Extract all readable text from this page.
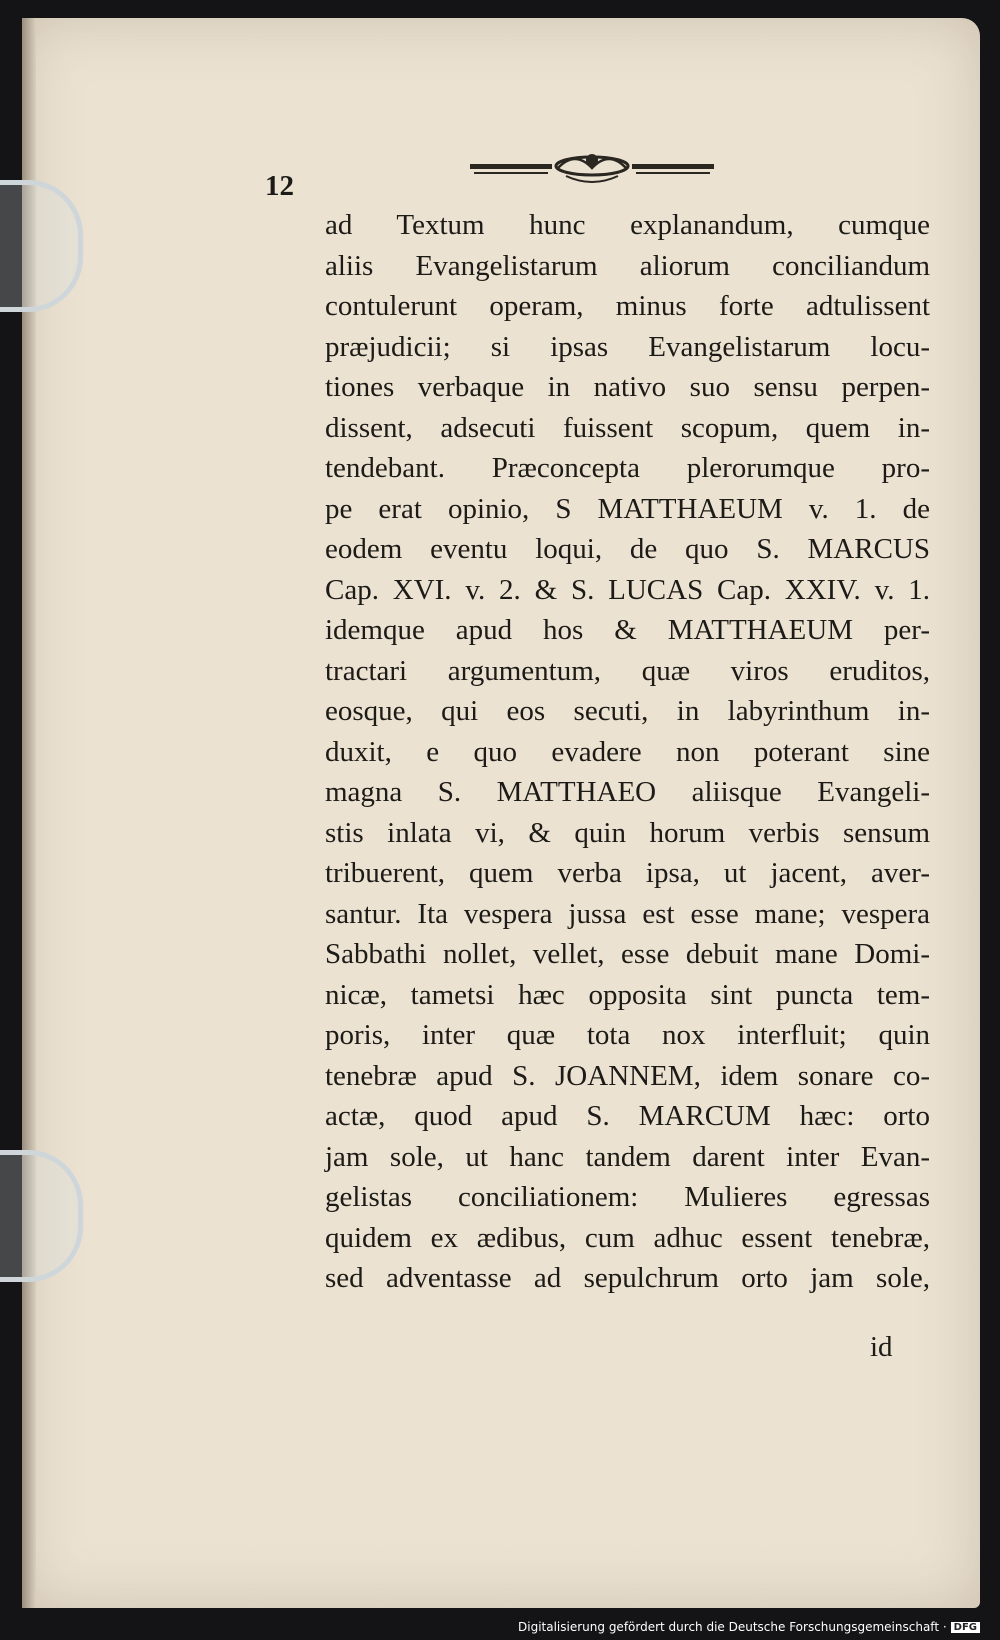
12
ad Textum hunc explanandum, cumque
aliis Evangelistarum aliorum conciliandum
contulerunt operam, minus forte adtulissent
præjudicii; si ipsas Evangelistarum locu-
tiones verbaque in nativo suo sensu perpen-
dissent, adsecuti fuissent scopum, quem in-
tendebant. Præconcepta plerorumque pro-
pe erat opinio, S MATTHAEUM v. 1. de
eodem eventu loqui, de quo S. MARCUS
Cap. XVI. v. 2. & S. LUCAS Cap. XXIV. v. 1.
idemque apud hos & MATTHAEUM per-
tractari argumentum, quæ viros eruditos,
eosque, qui eos secuti, in labyrinthum in-
duxit, e quo evadere non poterant sine
magna S. MATTHAEO aliisque Evangeli-
stis inlata vi, & quin horum verbis sensum
tribuerent, quem verba ipsa, ut jacent, aver-
santur. Ita vespera jussa est esse mane; vespera
Sabbathi nollet, vellet, esse debuit mane Domi-
nicæ, tametsi hæc opposita sint puncta tem-
poris, inter quæ tota nox interfluit; quin
tenebræ apud S. JOANNEM, idem sonare co-
actæ, quod apud S. MARCUM hæc: orto
jam sole, ut hanc tandem darent inter Evan-
gelistas conciliationem: Mulieres egressas
quidem ex ædibus, cum adhuc essent tenebræ,
sed adventasse ad sepulchrum orto jam sole,
id
Digitalisierung gefördert durch die Deutsche Forschungsgemeinschaft · DFG
